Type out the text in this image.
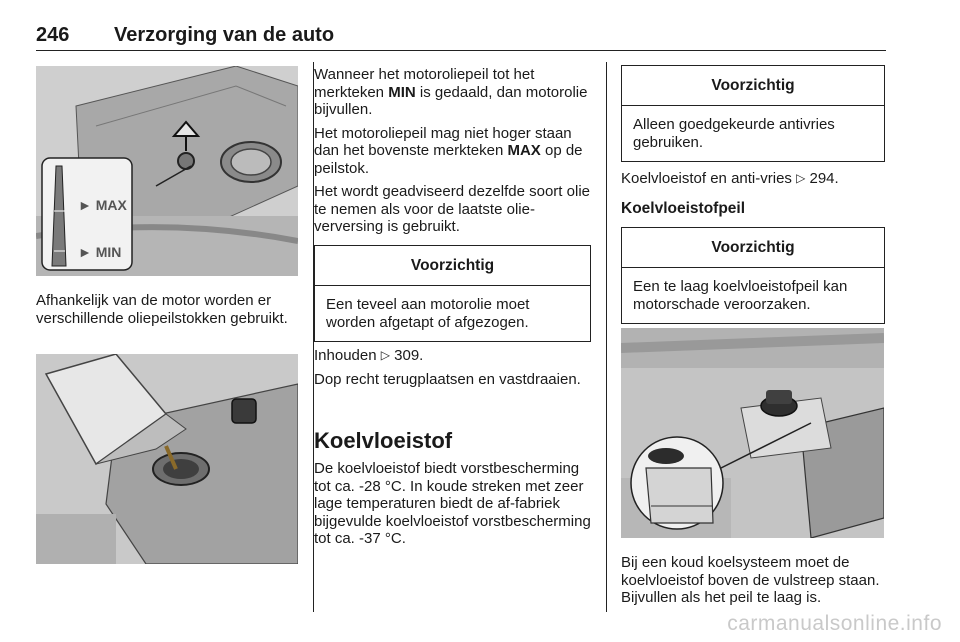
246 Verzorging van de auto
► MAX
► MIN

Afhankelijk van de motor worden er verschillende oliepeilstokken gebruikt.

Wanneer het motoroliepeil tot het merkteken MIN is gedaald, dan motorolie bijvullen.

Het motoroliepeil mag niet hoger staan dan het bovenste merkteken MAX op de peilstok.

Het wordt geadviseerd dezelfde soort olie te nemen als voor de laatste olieverversing is gebruikt.

Voorzichtig
Een teveel aan motorolie moet worden afgetapt of afgezogen.

Inhouden ▷ 309.

Dop recht terugplaatsen en vastdraaien.

Koelvloeistof

De koelvloeistof biedt vorstbescherming tot ca. -28 °C. In koude streken met zeer lage temperaturen biedt de af-fabriek bijgevulde koelvloeistof vorstbescherming tot ca. -37 °C.

Voorzichtig
Alleen goedgekeurde antivries gebruiken.

Koelvloeistof en anti-vries ▷ 294.

Koelvloeistofpeil
Voorzichtig
Een te laag koelvloeistofpeil kan motorschade veroorzaken.

Bij een koud koelsysteem moet de koelvloeistof boven de vulstreep staan. Bijvullen als het peil te laag is.

carmanualsonline.info
